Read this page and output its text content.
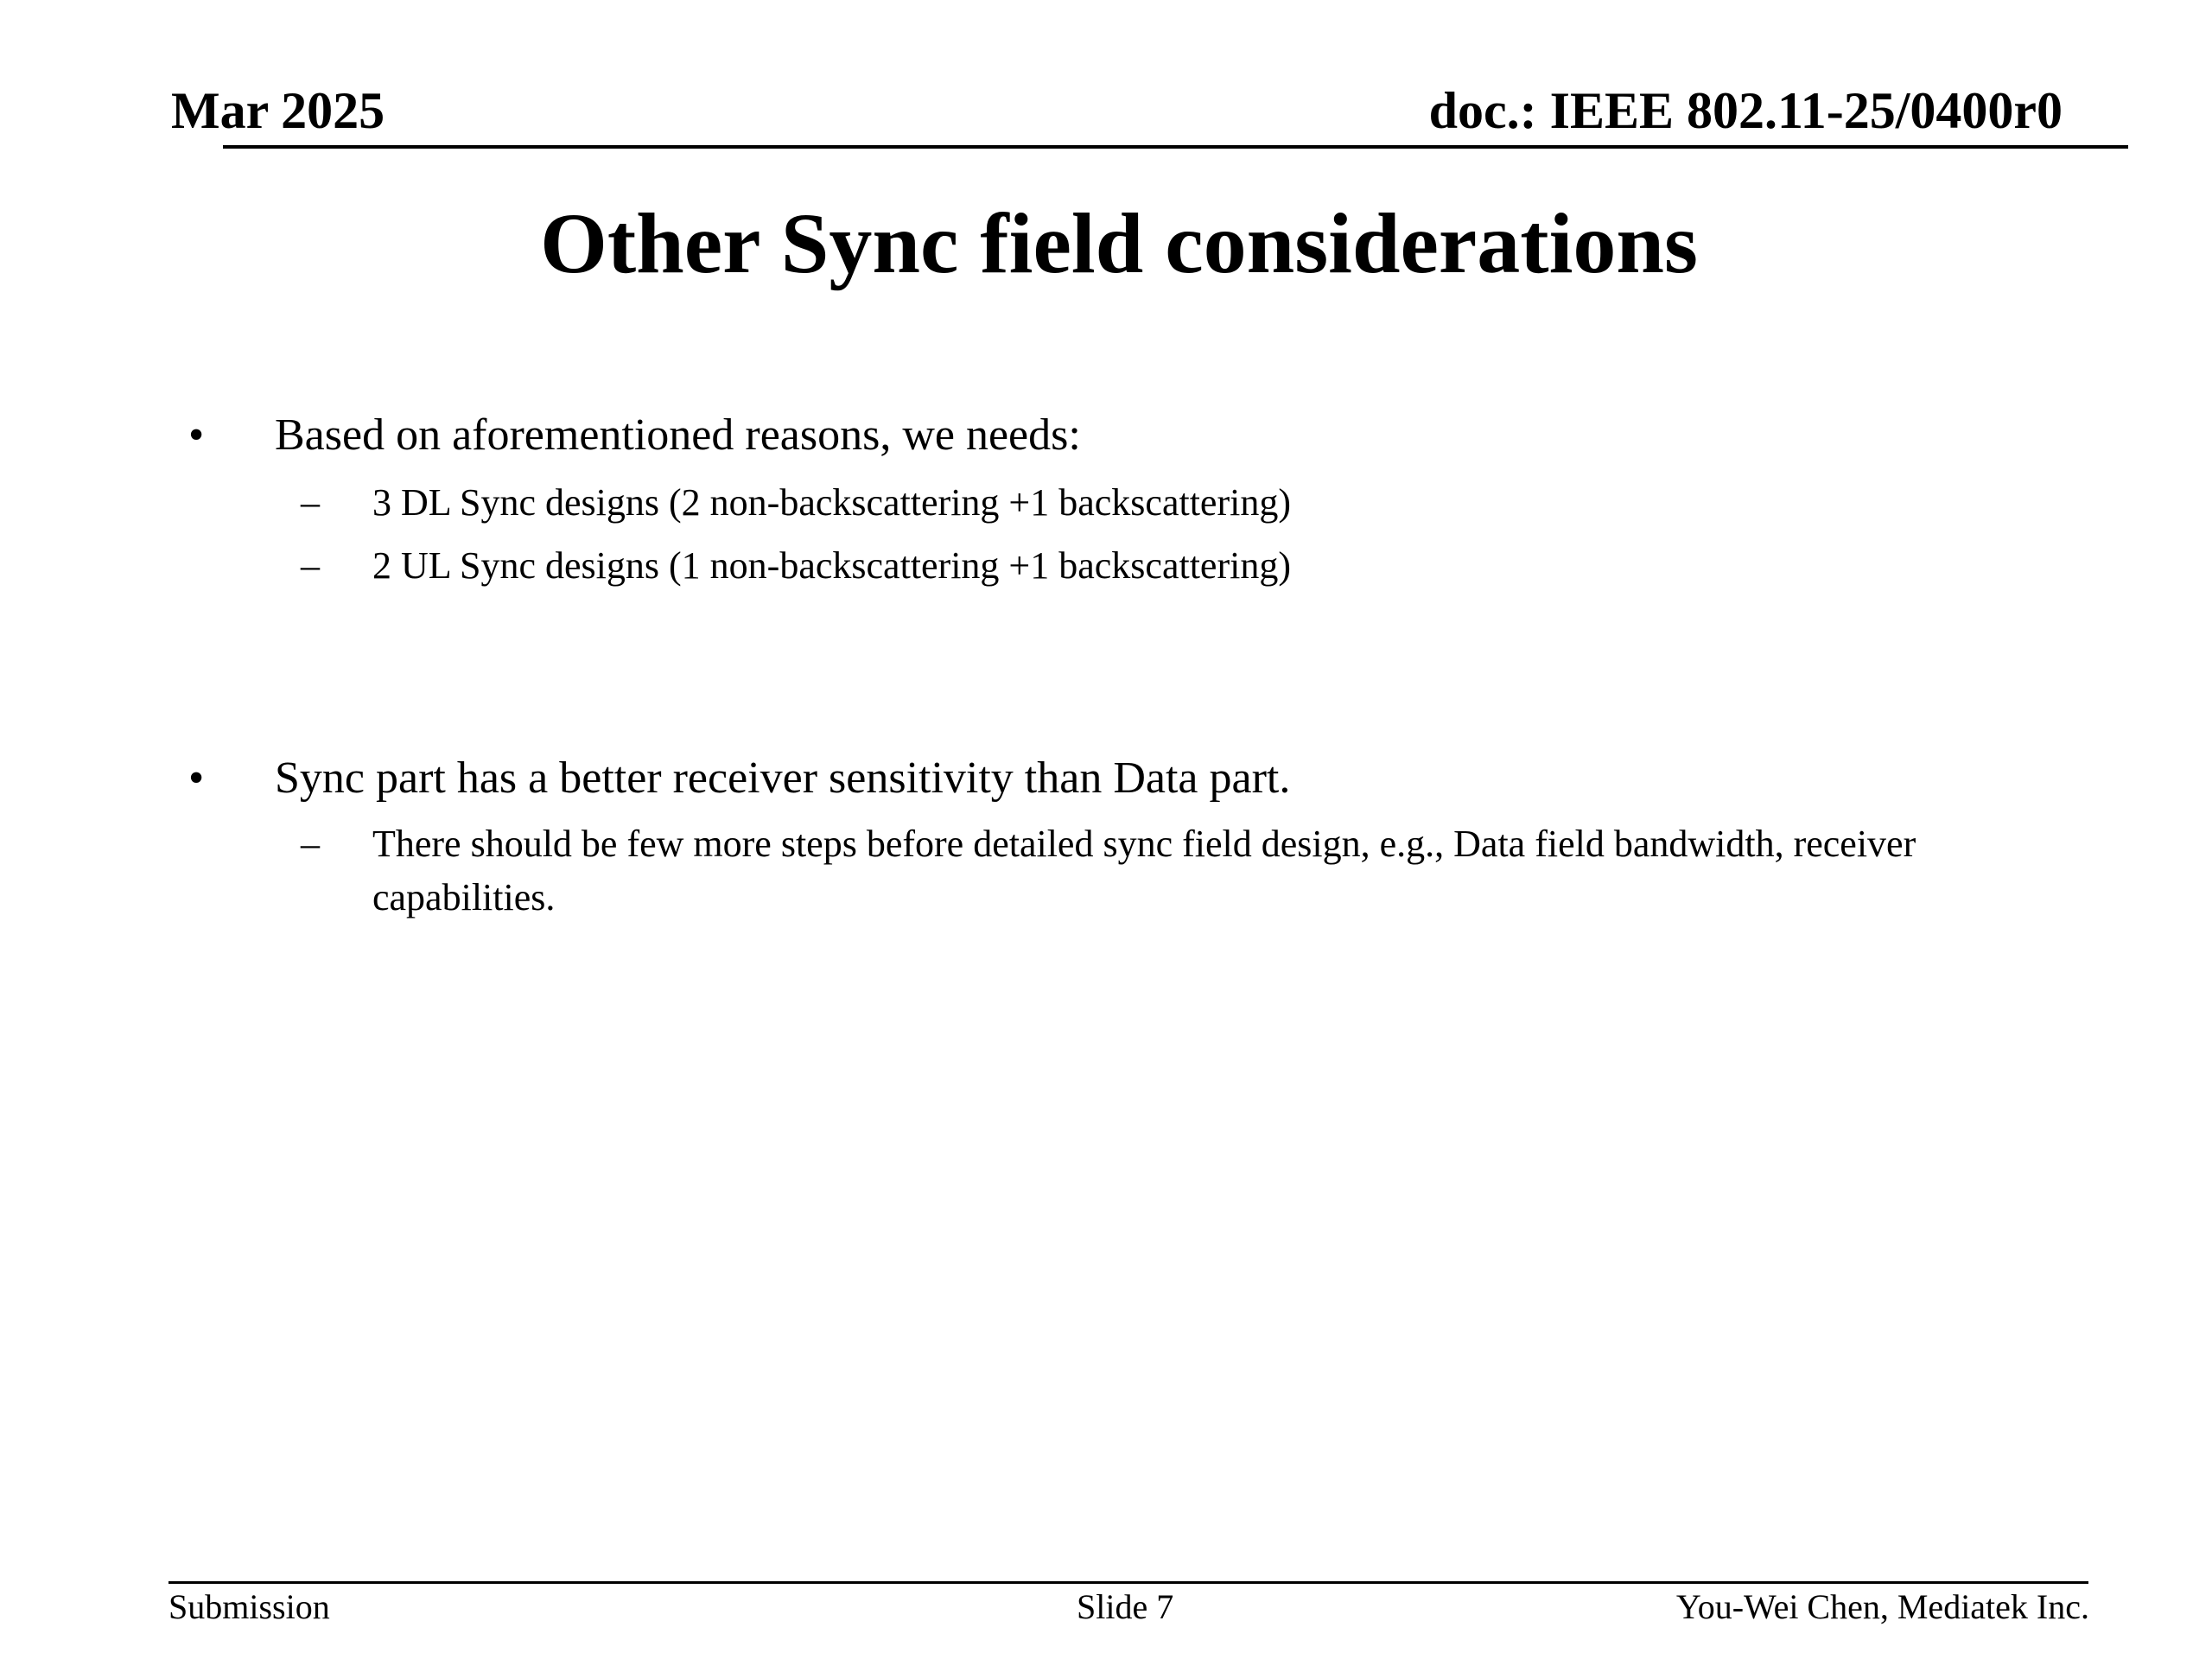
Mar 2025	doc.: IEEE 802.11-25/0400r0
Other Sync field considerations
• Based on aforementioned reasons, we needs:
– 3 DL Sync designs (2 non-backscattering +1 backscattering)
– 2 UL Sync designs (1 non-backscattering +1 backscattering)
• Sync part has a better receiver sensitivity than Data part.
– There should be few more steps before detailed sync field design, e.g., Data field bandwidth, receiver capabilities.
Submission	Slide 7	You-Wei Chen, Mediatek Inc.
